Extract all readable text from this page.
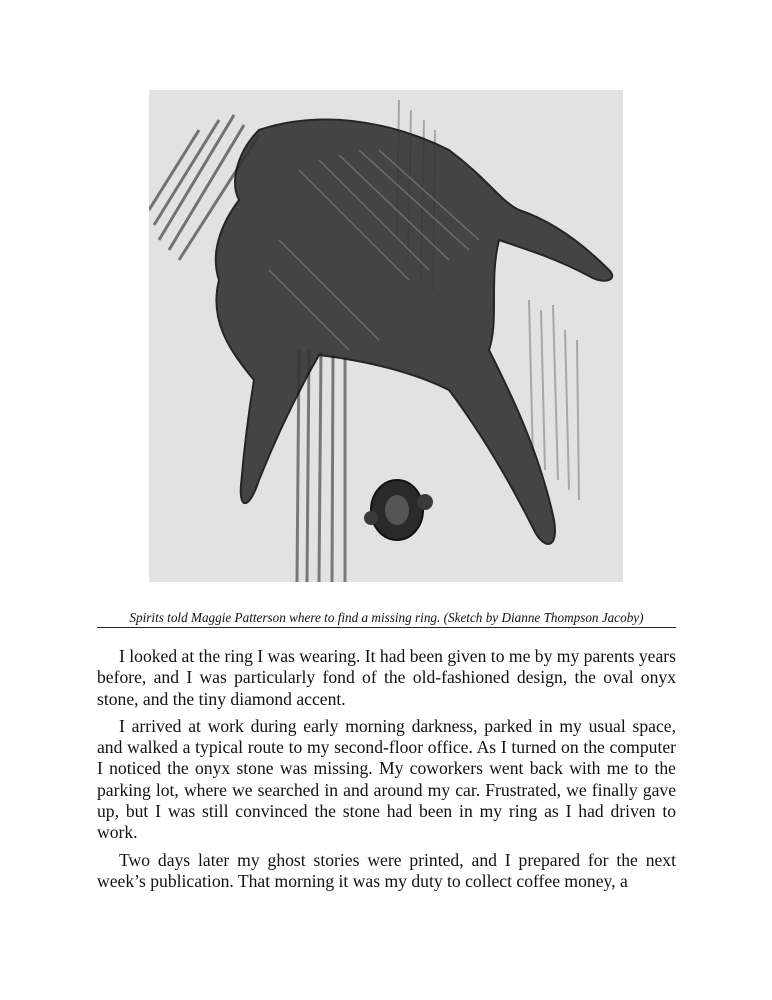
Spirits told Maggie Patterson where to find a missing ring. (Sketch by Dianne Thompson Jacoby)

I looked at the ring I was wearing. It had been given to me by my parents years before, and I was particularly fond of the old-fashioned design, the oval onyx stone, and the tiny diamond accent.

I arrived at work during early morning darkness, parked in my usual space, and walked a typical route to my second-floor office. As I turned on the computer I noticed the onyx stone was missing. My coworkers went back with me to the parking lot, where we searched in and around my car. Frustrated, we finally gave up, but I was still convinced the stone had been in my ring as I had driven to work.

Two days later my ghost stories were printed, and I prepared for the next week’s publication. That morning it was my duty to collect coffee money, a
